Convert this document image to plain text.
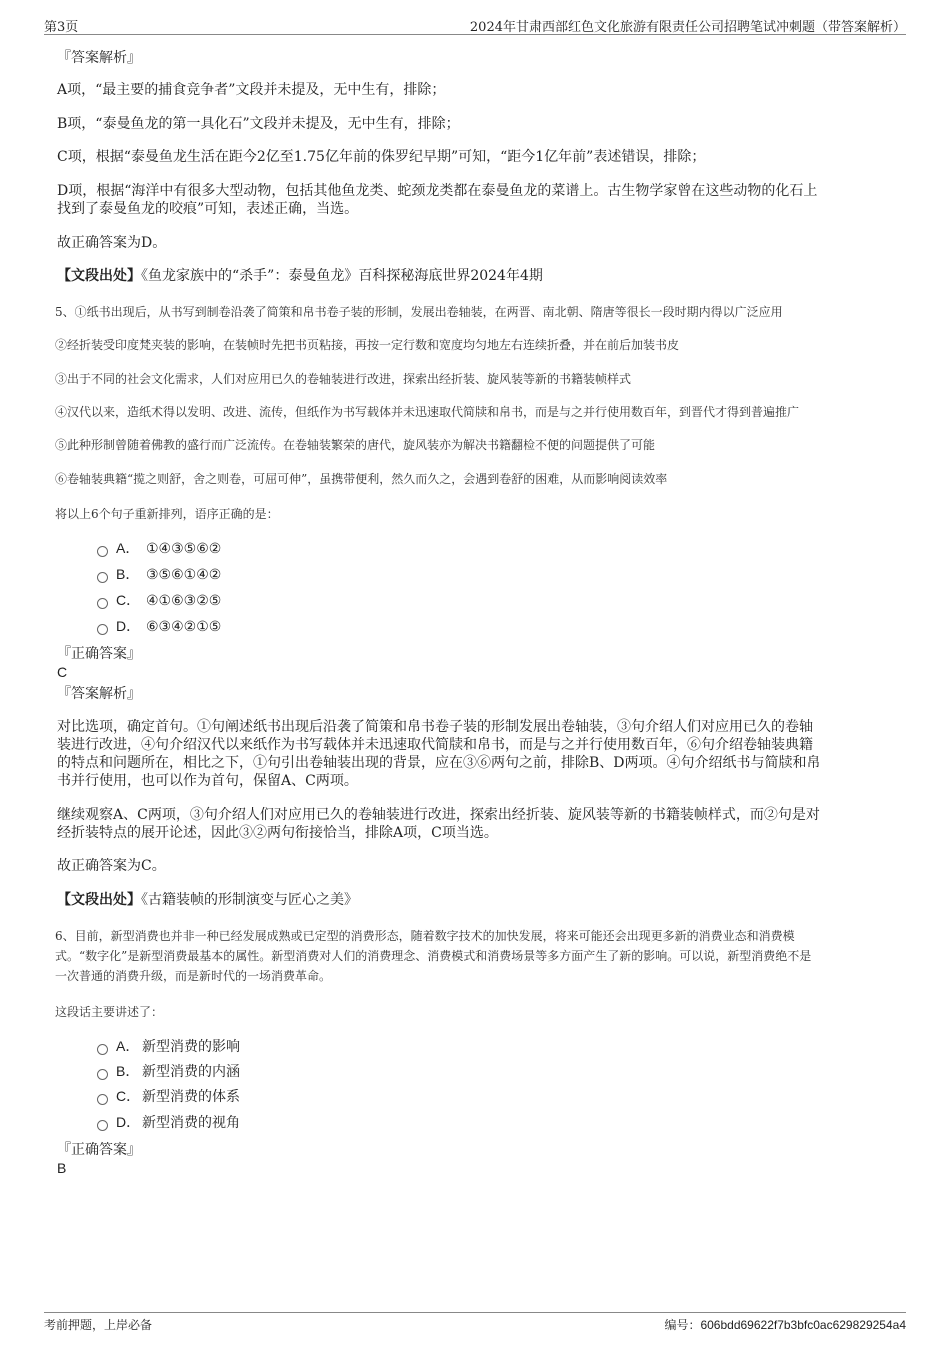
第3页	2024年甘肃西部红色文化旅游有限责任公司招聘笔试冲刺题（带答案解析）
『答案解析』
A项，“最主要的捕食竞争者”文段并未提及，无中生有，排除；
B项，“泰曼鱼龙的第一具化石”文段并未提及，无中生有，排除；
C项，根据“泰曼鱼龙生活在距今2亿至1.75亿年前的侏罗纪早期”可知，“距今1亿年前”表述错误，排除；
D项，根据“海洋中有很多大型动物，包括其他鱼龙类、蛇颈龙类都在泰曼鱼龙的菜谱上。古生物学家曾在这些动物的化石上
找到了泰曼鱼龙的咬痕”可知，表述正确，当选。
故正确答案为D。
【文段出处】《鱼龙家族中的“杀手”：泰曼鱼龙》百科探秘海底世界2024年4期
5、①纸书出现后，从书写到制卷沿袭了简策和帛书卷子装的形制，发展出卷轴装，在两晋、南北朝、隋唐等很长一段时期内得以广泛应用
②经折装受印度梵夹装的影响，在装帧时先把书页粘接，再按一定行数和宽度均匀地左右连续折叠，并在前后加装书皮
③出于不同的社会文化需求，人们对应用已久的卷轴装进行改进，探索出经折装、旋风装等新的书籍装帧样式
④汉代以来，造纸术得以发明、改进、流传，但纸作为书写载体并未迅速取代简牍和帛书，而是与之并行使用数百年，到晋代才得到普遍推广
⑤此种形制曾随着佛教的盛行而广泛流传。在卷轴装繁荣的唐代，旋风装亦为解决书籍翻检不便的问题提供了可能
⑥卷轴装典籍“揽之则舒，舍之则卷，可屈可伸”，虽携带便利，然久而久之，会遇到卷舒的困难，从而影响阅读效率
将以上6个句子重新排列，语序正确的是：
A． ①④③⑤⑥②
B． ③⑤⑥①④②
C． ④①⑥③②⑤
D． ⑥③④②①⑤
『正确答案』
C
『答案解析』
对比选项，确定首句。①句阐述纸书出现后沿袭了简策和帛书卷子装的形制发展出卷轴装，③句介绍人们对应用已久的卷轴
装进行改进，④句介绍汉代以来纸作为书写载体并未迅速取代简牍和帛书，而是与之并行使用数百年，⑥句介绍卷轴装典籍
的特点和问题所在，相比之下，①句引出卷轴装出现的背景，应在③⑥两句之前，排除B、D两项。④句介绍纸书与简牍和帛
书并行使用，也可以作为首句，保留A、C两项。
继续观察A、C两项，③句介绍人们对应用已久的卷轴装进行改进，探索出经折装、旋风装等新的书籍装帧样式，而②句是对
经折装特点的展开论述，因此③②两句衔接恰当，排除A项，C项当选。
故正确答案为C。
【文段出处】《古籍装帧的形制演变与匠心之美》
6、目前，新型消费也并非一种已经发展成熟或已定型的消费形态，随着数字技术的加快发展，将来可能还会出现更多新的消费业态和消费模
式。“数字化”是新型消费最基本的属性。新型消费对人们的消费理念、消费模式和消费场景等多方面产生了新的影响。可以说，新型消费绝不是
一次普通的消费升级，而是新时代的一场消费革命。
这段话主要讲述了：
A． 新型消费的影响
B． 新型消费的内涵
C． 新型消费的体系
D． 新型消费的视角
『正确答案』
B
考前押题，上岸必备	编号：606bdd69622f7b3bfc0ac629829254a4
